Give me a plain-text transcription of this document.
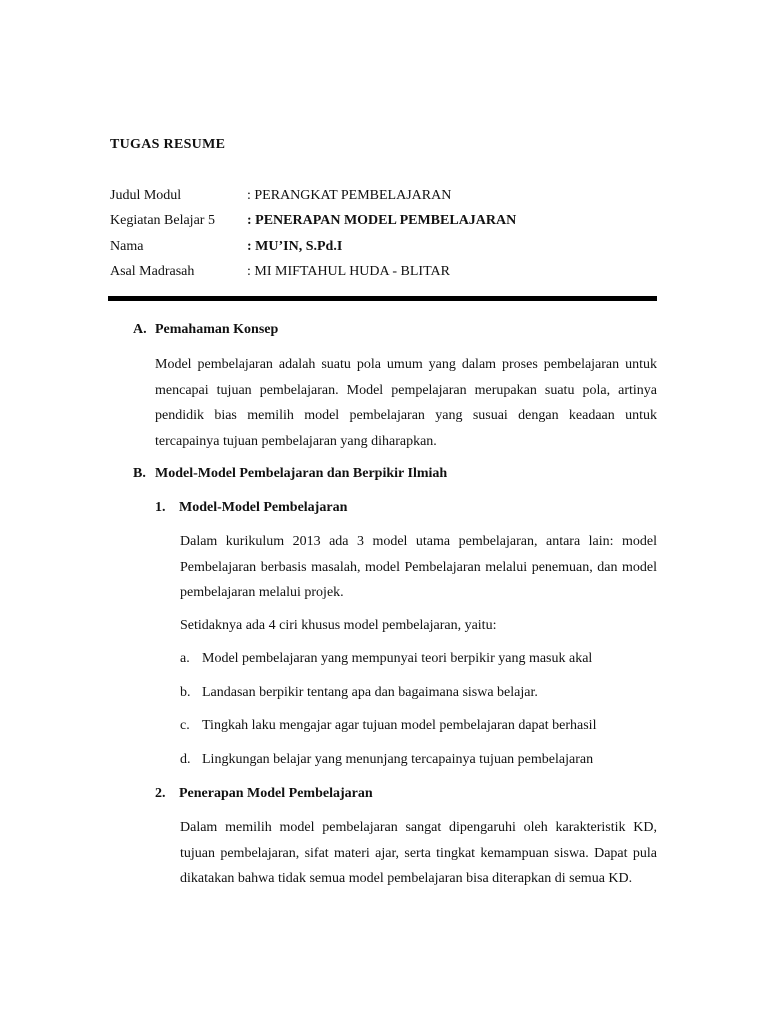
TUGAS RESUME
Judul Modul	: PERANGKAT PEMBELAJARAN
Kegiatan Belajar 5 : PENERAPAN MODEL PEMBELAJARAN
Nama	: MU’IN, S.Pd.I
Asal Madrasah	: MI MIFTAHUL HUDA - BLITAR
A. Pemahaman Konsep
Model pembelajaran adalah suatu pola umum yang dalam proses pembelajaran untuk mencapai tujuan pembelajaran. Model pempelajaran merupakan suatu pola, artinya pendidik bias memilih model pembelajaran yang susuai dengan keadaan untuk tercapainya tujuan pembelajaran yang diharapkan.
B. Model-Model Pembelajaran dan Berpikir Ilmiah
1. Model-Model Pembelajaran
Dalam kurikulum 2013 ada 3 model utama pembelajaran, antara lain: model Pembelajaran berbasis masalah, model Pembelajaran melalui penemuan, dan model pembelajaran melalui projek.
Setidaknya ada 4 ciri khusus model pembelajaran, yaitu:
a. Model pembelajaran yang mempunyai teori berpikir yang masuk akal
b. Landasan berpikir tentang apa dan bagaimana siswa belajar.
c. Tingkah laku mengajar agar tujuan model pembelajaran dapat berhasil
d. Lingkungan belajar yang menunjang tercapainya tujuan pembelajaran
2. Penerapan Model Pembelajaran
Dalam memilih model pembelajaran sangat dipengaruhi oleh karakteristik KD, tujuan pembelajaran, sifat materi ajar, serta tingkat kemampuan siswa. Dapat pula dikatakan bahwa tidak semua model pembelajaran bisa diterapkan di semua KD.
